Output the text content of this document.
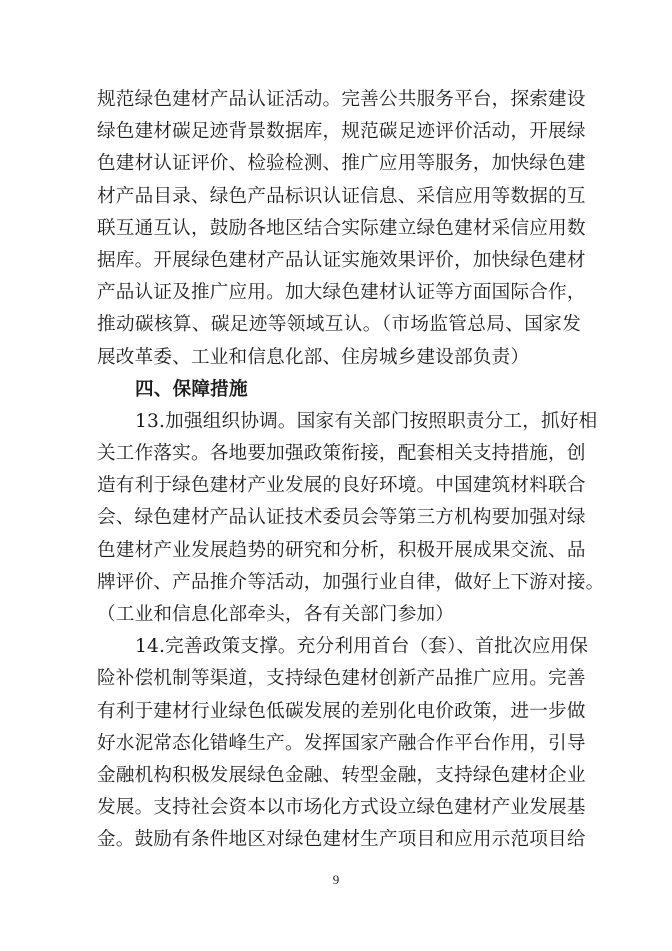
规范绿色建材产品认证活动。完善公共服务平台，探索建设
绿色建材碳足迹背景数据库，规范碳足迹评价活动，开展绿
色建材认证评价、检验检测、推广应用等服务，加快绿色建
材产品目录、绿色产品标识认证信息、采信应用等数据的互
联互通互认，鼓励各地区结合实际建立绿色建材采信应用数
据库。开展绿色建材产品认证实施效果评价，加快绿色建材
产品认证及推广应用。加大绿色建材认证等方面国际合作，
推动碳核算、碳足迹等领域互认。（市场监管总局、国家发
展改革委、工业和信息化部、住房城乡建设部负责）
四、保障措施
13.加强组织协调。国家有关部门按照职责分工，抓好相
关工作落实。各地要加强政策衔接，配套相关支持措施，创
造有利于绿色建材产业发展的良好环境。中国建筑材料联合
会、绿色建材产品认证技术委员会等第三方机构要加强对绿
色建材产业发展趋势的研究和分析，积极开展成果交流、品
牌评价、产品推介等活动，加强行业自律，做好上下游对接。
（工业和信息化部牵头，各有关部门参加）
14.完善政策支撑。充分利用首台（套）、首批次应用保
险补偿机制等渠道，支持绿色建材创新产品推广应用。完善
有利于建材行业绿色低碳发展的差别化电价政策，进一步做
好水泥常态化错峰生产。发挥国家产融合作平台作用，引导
金融机构积极发展绿色金融、转型金融，支持绿色建材企业
发展。支持社会资本以市场化方式设立绿色建材产业发展基
金。鼓励有条件地区对绿色建材生产项目和应用示范项目给
9
